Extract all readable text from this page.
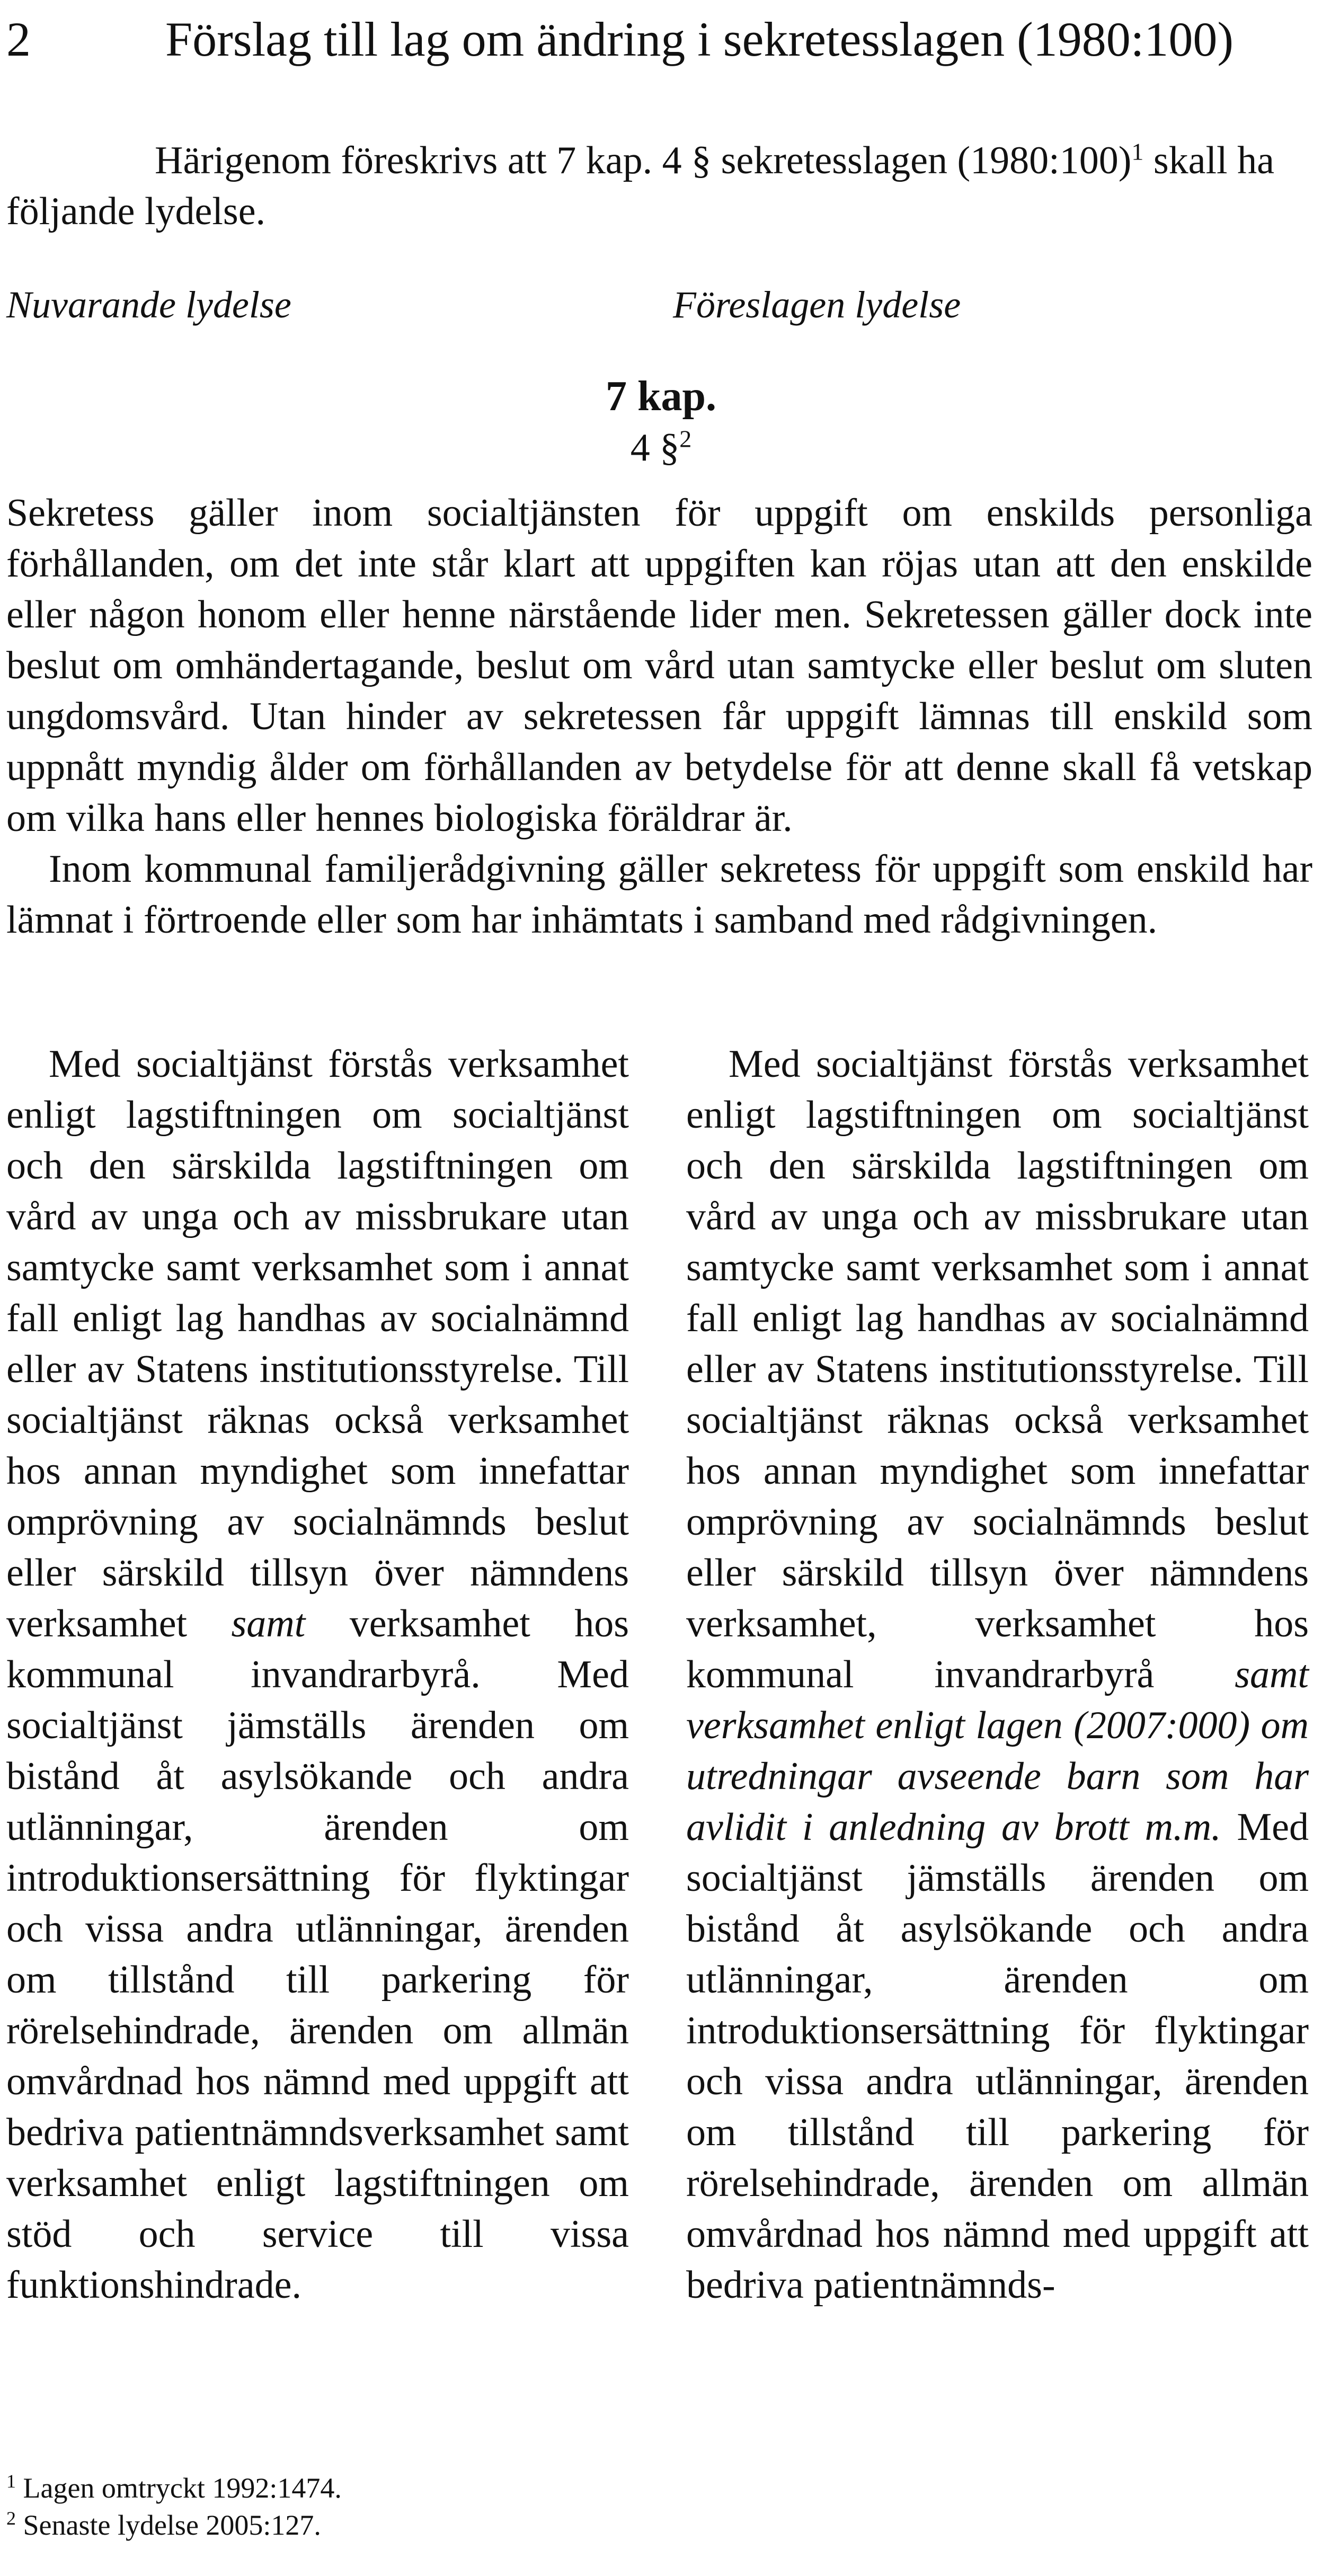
2	Förslag till lag om ändring i sekretesslagen (1980:100)

Härigenom föreskrivs att 7 kap. 4 § sekretesslagen (1980:100)$^1$ skall ha följande lydelse.

Nuvarande lydelse	Föreslagen lydelse
7 kap.
4 §$^2$

Sekretess gäller inom socialtjänsten för uppgift om enskilds personliga förhållanden, om det inte står klart att uppgiften kan röjas utan att den enskilde eller någon honom eller henne närstående lider men. Sekretessen gäller dock inte beslut om omhändertagande, beslut om vård utan samtycke eller beslut om sluten ungdomsvård. Utan hinder av sekretessen får uppgift lämnas till enskild som uppnått myndig ålder om förhållanden av betydelse för att denne skall få vetskap om vilka hans eller hennes biologiska föräldrar är.

Inom kommunal familjerådgivning gäller sekretess för uppgift som enskild har lämnat i förtroende eller som har inhämtats i samband med rådgivningen.

Med socialtjänst förstås verksamhet enligt lagstiftningen om socialtjänst och den särskilda lagstiftningen om vård av unga och av missbrukare utan samtycke samt verksamhet som i annat fall enligt lag handhas av socialnämnd eller av Statens institutionsstyrelse. Till socialtjänst räknas också verksamhet hos annan myndighet som innefattar omprövning av socialnämnds beslut eller särskild tillsyn över nämndens verksamhet samt verksamhet hos kommunal invandrarbyrå. Med socialtjänst jämställs ärenden om bistånd åt asylsökande och andra utlänningar, ärenden om introduktionsersättning för flyktingar och vissa andra utlänningar, ärenden om tillstånd till parkering för rörelsehindrade, ärenden om allmän omvårdnad hos nämnd med uppgift att bedriva patientnämndsverksamhet samt verksamhet enligt lagstiftningen om stöd och service till vissa funktionshindrade.

Med socialtjänst förstås verksamhet enligt lagstiftningen om socialtjänst och den särskilda lagstiftningen om vård av unga och av missbrukare utan samtycke samt verksamhet som i annat fall enligt lag handhas av socialnämnd eller av Statens institutionsstyrelse. Till socialtjänst räknas också verksamhet hos annan myndighet som innefattar omprövning av socialnämnds beslut eller särskild tillsyn över nämndens verksamhet, verksamhet hos kommunal invandrarbyrå samt verksamhet enligt lagen (2007:000) om utredningar avseende barn som har avlidit i anledning av brott m.m. Med socialtjänst jämställs ärenden om bistånd åt asylsökande och andra utlänningar, ärenden om introduktionsersättning för flyktingar och vissa andra utlänningar, ärenden om tillstånd till parkering för rörelsehindrade, ärenden om allmän omvårdnad hos nämnd med uppgift att bedriva patientnämnds-

$^1$ Lagen omtryckt 1992:1474.
$^2$ Senaste lydelse 2005:127.
